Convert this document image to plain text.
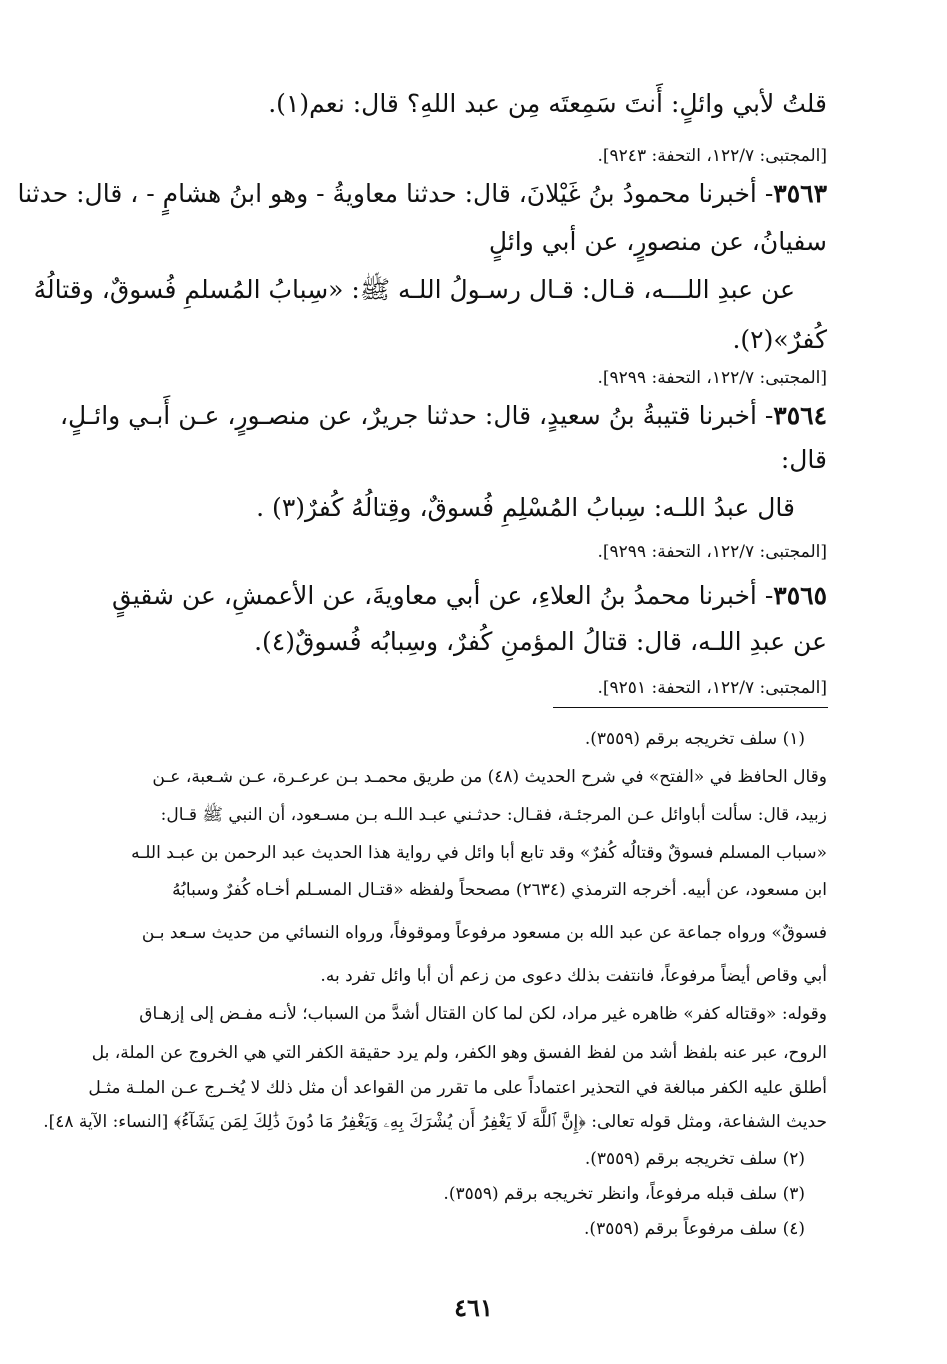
قلتُ لأبي وائلٍ: أَنتَ سَمِعتَه مِن عبد اللهِ؟ قال: نعم(١).
[المجتبى: ١٢٢/٧، التحفة: ٩٢٤٣].
٣٥٦٣- أخبرنا محمودُ بنُ غَيْلانَ، قال: حدثنا معاويةُ - وهو ابنُ هشامٍ - ، قال: حدثنا
سفيانُ، عن منصورٍ، عن أبي وائلٍ
عن عبدِ اللـــه، قـال: قـال رسـولُ اللـه ﷺ: «سِبابُ المُسلمِ فُسوقٌ، وقتالُهُ
كُفرٌ»(٢).
[المجتبى: ١٢٢/٧، التحفة: ٩٢٩٩].
٣٥٦٤- أخبرنا قتيبةُ بنُ سعيدٍ، قال: حدثنا جريرٌ، عن منصـورٍ، عـن أَبـي وائـلٍ،
قال:
قال عبدُ اللـه: سِبابُ المُسْلِمِ فُسوقٌ، وقِتالُهُ كُفرٌ(٣) .
[المجتبى: ١٢٢/٧، التحفة: ٩٢٩٩].
٣٥٦٥- أخبرنا محمدُ بنُ العلاءِ، عن أبي معاويةَ، عن الأعمشِ، عن شقيقٍ
عن عبدِ اللـه، قال: قتالُ المؤمنِ كُفرٌ، وسِبابُه فُسوقٌ(٤).
[المجتبى: ١٢٢/٧، التحفة: ٩٢٥١].
(١) سلف تخريجه برقم (٣٥٥٩).
وقال الحافظ في «الفتح» في شرح الحديث (٤٨) من طريق محمـد بـن عرعـرة، عـن شـعبة، عـن
زبيد، قال: سألت أباوائل عـن المرجئـة، فقـال: حدثـني عبـد اللـه بـن مسـعود، أن النبي ﷺ قـال:
«سباب المسلم فسوقٌ وقتالُه كُفرٌ» وقد تابع أبا وائل في رواية هذا الحديث عبد الرحمن بن عبـد اللـه
ابن مسعود، عن أبيه. أخرجه الترمذي (٢٦٣٤) مصححاً ولفظه «قتـال المسـلم أخـاه كُفرٌ وسبابُهُ
فسوقٌ» ورواه جماعة عن عبد الله بن مسعود مرفوعاً وموقوفاً، ورواه النسائي من حديث سـعد بـن
أبي وقاص أيضاً مرفوعاً، فانتفت بذلك دعوى من زعم أن أبا وائل تفرد به.
وقوله: «وقتاله كفر» ظاهره غير مراد، لكن لما كان القتال أشدَّ من السباب؛ لأنـه مفـض إلى إزهـاق
الروح، عبر عنه بلفظ أشد من لفظ الفسق وهو الكفر، ولم يرد حقيقة الكفر التي هي الخروج عن الملة، بل
أطلق عليه الكفر مبالغة في التحذير اعتماداً على ما تقرر من القواعد أن مثل ذلك لا يُخـرج عـن الملـة مثـل
حديث الشفاعة، ومثل قوله تعالى: ﴿إِنَّ ٱللَّهَ لَا يَغْفِرُ أَن يُشْرَكَ بِهِۦ وَيَغْفِرُ مَا دُونَ ذَٰلِكَ لِمَن يَشَآءُ﴾ [النساء: الآية ٤٨].
(٢) سلف تخريجه برقم (٣٥٥٩).
(٣) سلف قبله مرفوعاً، وانظر تخريجه برقم (٣٥٥٩).
(٤) سلف مرفوعاً برقم (٣٥٥٩).
٤٦١
